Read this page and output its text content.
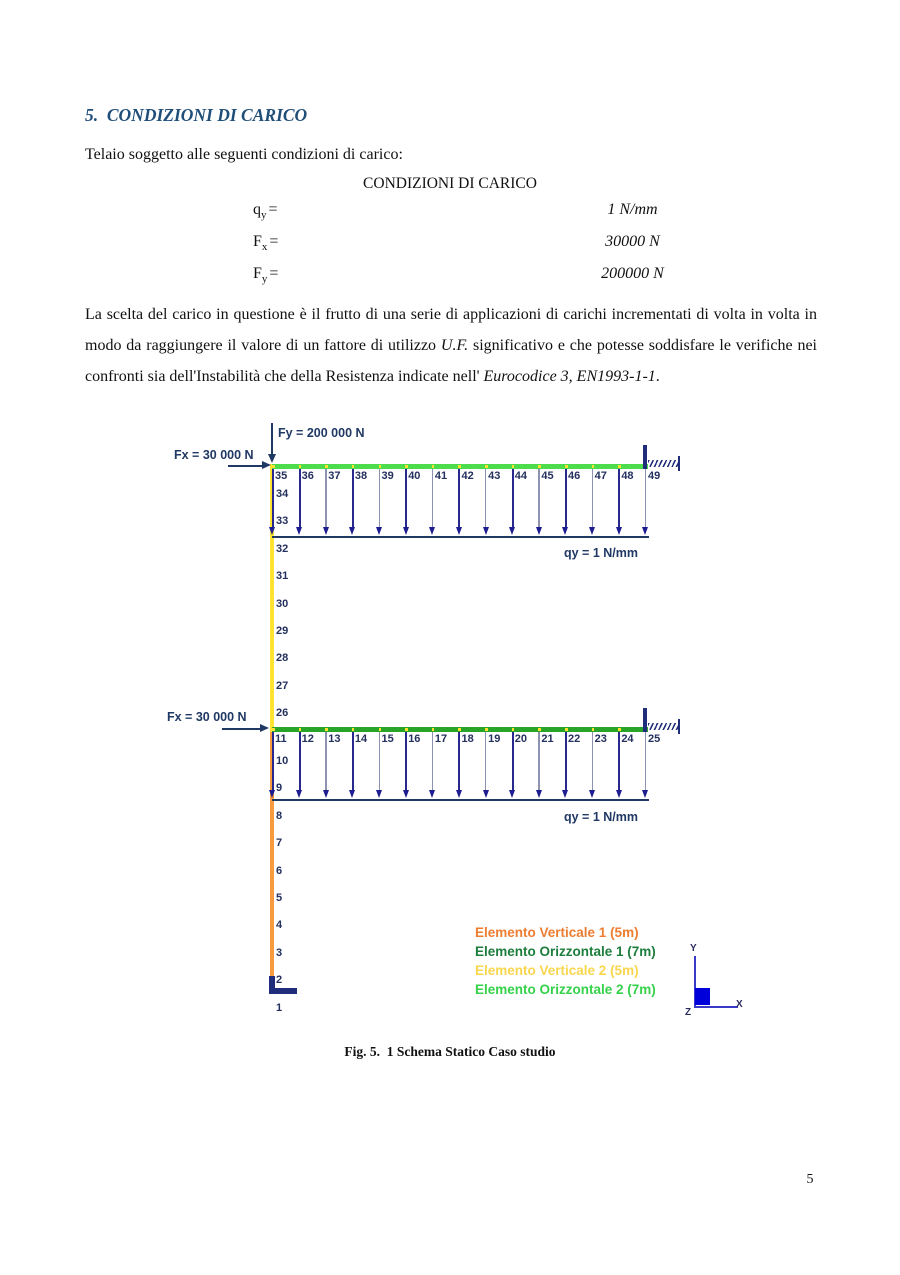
5.  CONDIZIONI DI CARICO
Telaio soggetto alle seguenti condizioni di carico:
CONDIZIONI DI CARICO
$q_y$ =	1 N/mm
$F_x$ =	30000 N
$F_y$ =	200000 N
La scelta del carico in questione è il frutto di una serie di applicazioni di carichi incrementati di volta in volta in modo da raggiungere il valore di un fattore di utilizzo U.F. significativo e che potesse soddisfare le verifiche nei confronti sia dell'Instabilità che della Resistenza indicate nell' Eurocodice 3, EN1993-1-1.
35 36 37 38 39 40 41 42 43 44 45 46 47 48 49
11 12 13 14 15 16 17 18 19 20 21 22 23 24 25
34
33
32
31
30
29
28
27
26
10
9
8
7
6
5
4
3
2
1
Fy = 200 000 N
Fx = 30 000 N
Fx = 30 000 N
qy = 1 N/mm
qy = 1 N/mm
Elemento Verticale 1 (5m)
Elemento Orizzontale 1 (7m)
Elemento Verticale 2 (5m)
Elemento Orizzontale 2 (7m)
Y
X
Z
Fig. 5.  1 Schema Statico Caso studio
5
